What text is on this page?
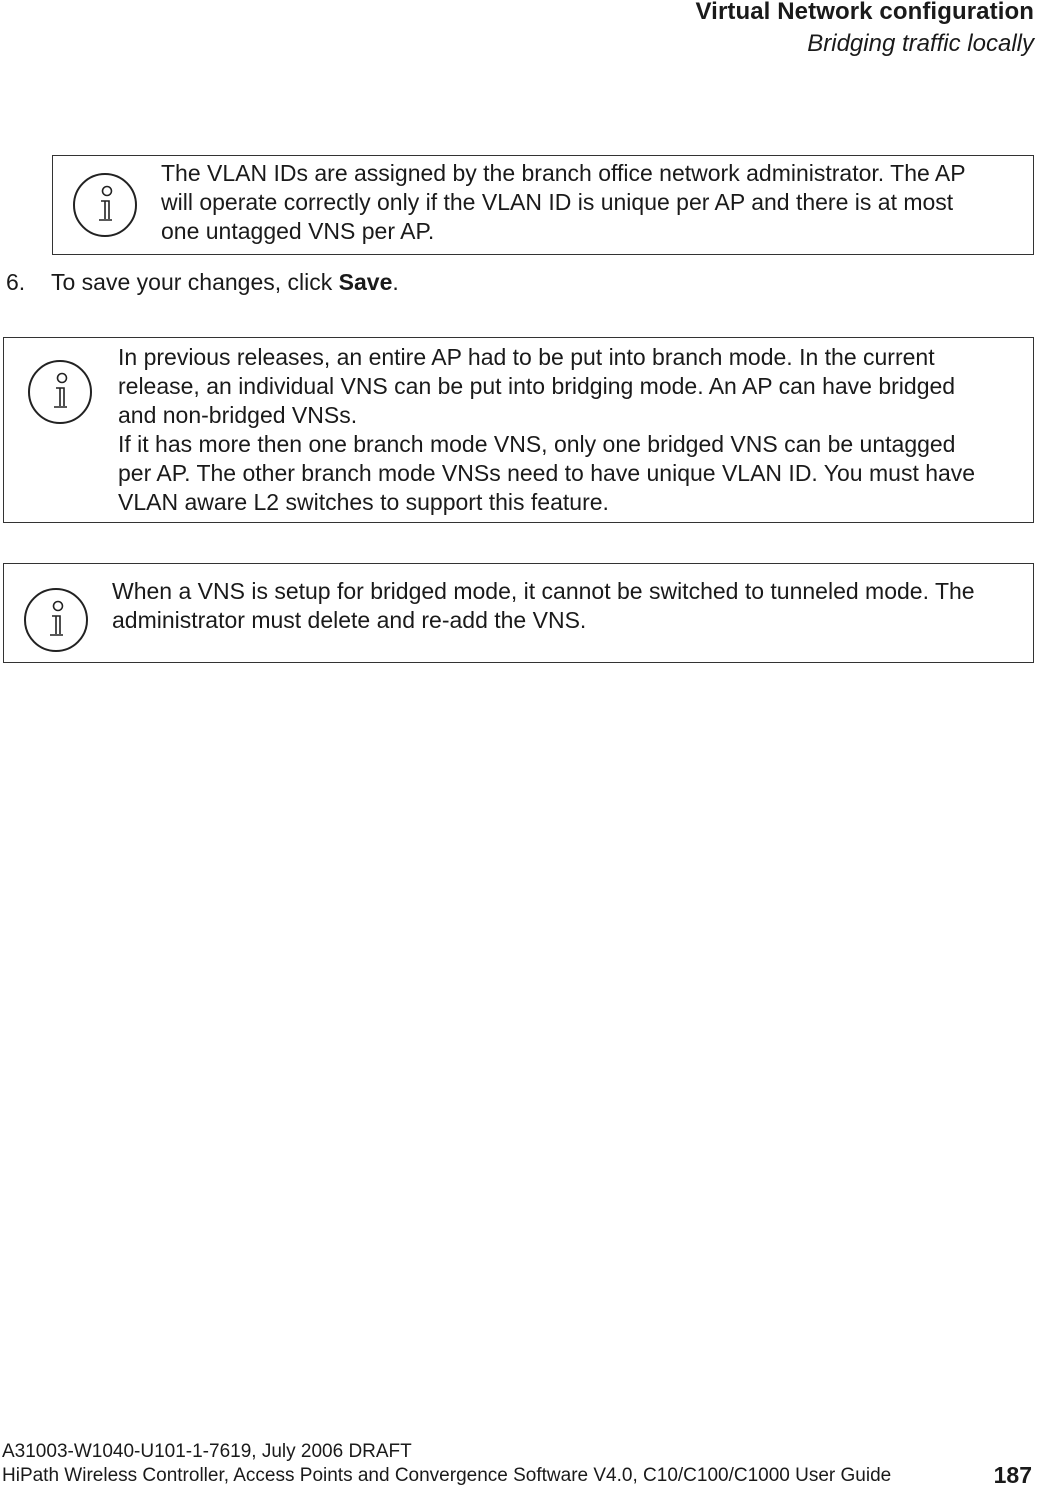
Virtual Network configuration
Bridging traffic locally
The VLAN IDs are assigned by the branch office network administrator. The AP
will operate correctly only if the VLAN ID is unique per AP and there is at most
one untagged VNS per AP.
6. To save your changes, click Save.
In previous releases, an entire AP had to be put into branch mode. In the current
release, an individual VNS can be put into bridging mode. An AP can have bridged
and non-bridged VNSs.
If it has more then one branch mode VNS, only one bridged VNS can be untagged
per AP. The other branch mode VNSs need to have unique VLAN ID. You must have
VLAN aware L2 switches to support this feature.
When a VNS is setup for bridged mode, it cannot be switched to tunneled mode. The
administrator must delete and re-add the VNS.
A31003-W1040-U101-1-7619, July 2006 DRAFT
HiPath Wireless Controller, Access Points and Convergence Software V4.0, C10/C100/C1000 User Guide	187
